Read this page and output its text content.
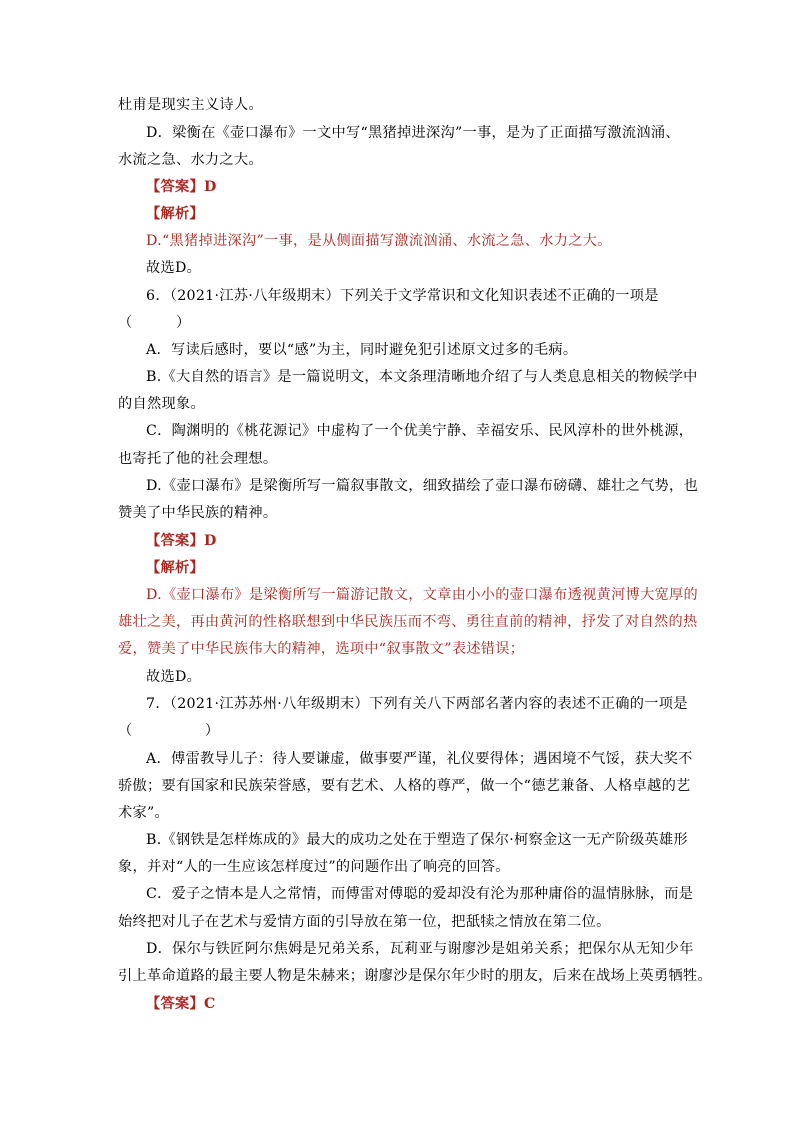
杜甫是现实主义诗人。
D．梁衡在《壶口瀑布》一文中写“黑猪掉进深沟”一事，是为了正面描写激流汹涌、
水流之急、水力之大。
【答案】D
【解析】
D.“黑猪掉进深沟”一事，是从侧面描写激流汹涌、水流之急、水力之大。
故选D。
6．（2021·江苏·八年级期末）下列关于文学常识和文化知识表述不正确的一项是
（　　　）
A．写读后感时，要以“感”为主，同时避免犯引述原文过多的毛病。
B.《大自然的语言》是一篇说明文，本文条理清晰地介绍了与人类息息相关的物候学中
的自然现象。
C．陶渊明的《桃花源记》中虚构了一个优美宁静、幸福安乐、民风淳朴的世外桃源，
也寄托了他的社会理想。
D.《壶口瀑布》是梁衡所写一篇叙事散文，细致描绘了壶口瀑布磅礴、雄壮之气势，也
赞美了中华民族的精神。
【答案】D
【解析】
D.《壶口瀑布》是梁衡所写一篇游记散文，文章由小小的壶口瀑布透视黄河博大宽厚的
雄壮之美，再由黄河的性格联想到中华民族压而不弯、勇往直前的精神，抒发了对自然的热
爱，赞美了中华民族伟大的精神，选项中“叙事散文”表述错误；
故选D。
7．（2021·江苏苏州·八年级期末）下列有关八下两部名著内容的表述不正确的一项是
（　　　　　）
A．傅雷教导儿子：待人要谦虚，做事要严谨，礼仪要得体；遇困境不气馁，获大奖不
骄傲；要有国家和民族荣誉感，要有艺术、人格的尊严，做一个“德艺兼备、人格卓越的艺
术家”。
B.《钢铁是怎样炼成的》最大的成功之处在于塑造了保尔·柯察金这一无产阶级英雄形
象，并对“人的一生应该怎样度过”的问题作出了响亮的回答。
C．爱子之情本是人之常情，而傅雷对傅聪的爱却没有沦为那种庸俗的温情脉脉，而是
始终把对儿子在艺术与爱情方面的引导放在第一位，把舐犊之情放在第二位。
D．保尔与铁匠阿尔焦姆是兄弟关系，瓦莉亚与谢廖沙是姐弟关系；把保尔从无知少年
引上革命道路的最主要人物是朱赫来；谢廖沙是保尔年少时的朋友，后来在战场上英勇牺牲。
【答案】C
